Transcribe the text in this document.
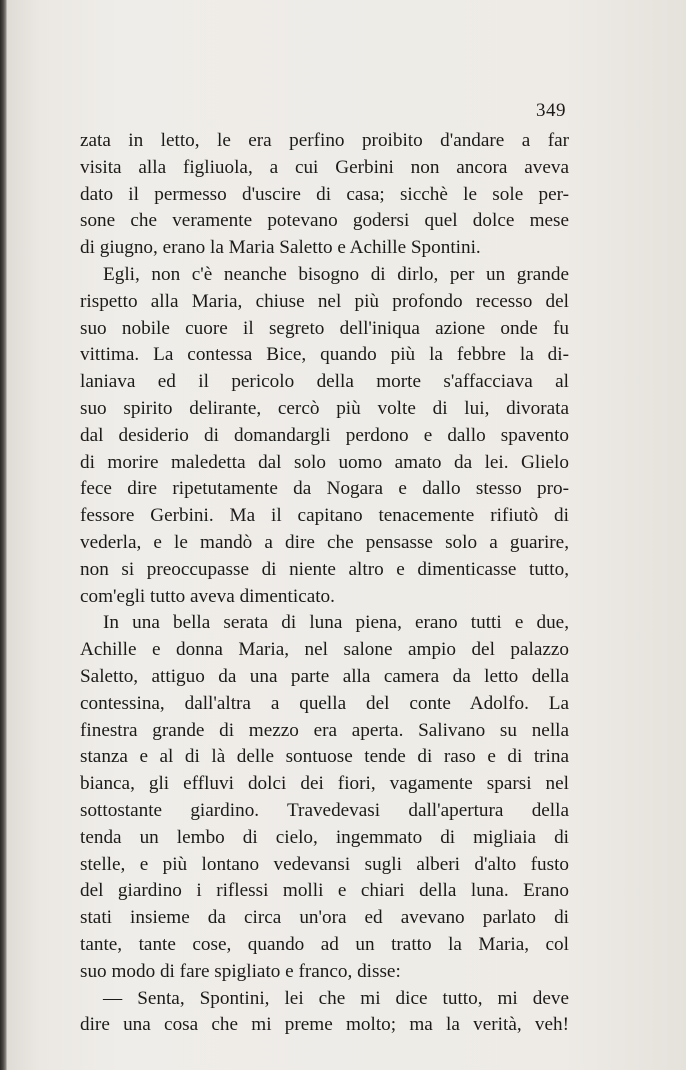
349

zata in letto, le era perfino proibito d'andare a far

visita alla figliuola, a cui Gerbini non ancora aveva

dato il permesso d'uscire di casa; sicchè le sole per-

sone che veramente potevano godersi quel dolce mese

di giugno, erano la Maria Saletto e Achille Spontini.

Egli, non c'è neanche bisogno di dirlo, per un grande

rispetto alla Maria, chiuse nel più profondo recesso del

suo nobile cuore il segreto dell'iniqua azione onde fu

vittima. La contessa Bice, quando più la febbre la di-

laniava ed il pericolo della morte s'affacciava al

suo spirito delirante, cercò più volte di lui, divorata

dal desiderio di domandargli perdono e dallo spavento

di morire maledetta dal solo uomo amato da lei. Glielo

fece dire ripetutamente da Nogara e dallo stesso pro-

fessore Gerbini. Ma il capitano tenacemente rifiutò di

vederla, e le mandò a dire che pensasse solo a guarire,

non si preoccupasse di niente altro e dimenticasse tutto,

com'egli tutto aveva dimenticato.

In una bella serata di luna piena, erano tutti e due,

Achille e donna Maria, nel salone ampio del palazzo

Saletto, attiguo da una parte alla camera da letto della

contessina, dall'altra a quella del conte Adolfo. La

finestra grande di mezzo era aperta. Salivano su nella

stanza e al di là delle sontuose tende di raso e di trina

bianca, gli effluvi dolci dei fiori, vagamente sparsi nel

sottostante giardino. Travedevasi dall'apertura della

tenda un lembo di cielo, ingemmato di migliaia di

stelle, e più lontano vedevansi sugli alberi d'alto fusto

del giardino i riflessi molli e chiari della luna. Erano

stati insieme da circa un'ora ed avevano parlato di

tante, tante cose, quando ad un tratto la Maria, col

suo modo di fare spigliato e franco, disse:

— Senta, Spontini, lei che mi dice tutto, mi deve

dire una cosa che mi preme molto; ma la verità, veh!
